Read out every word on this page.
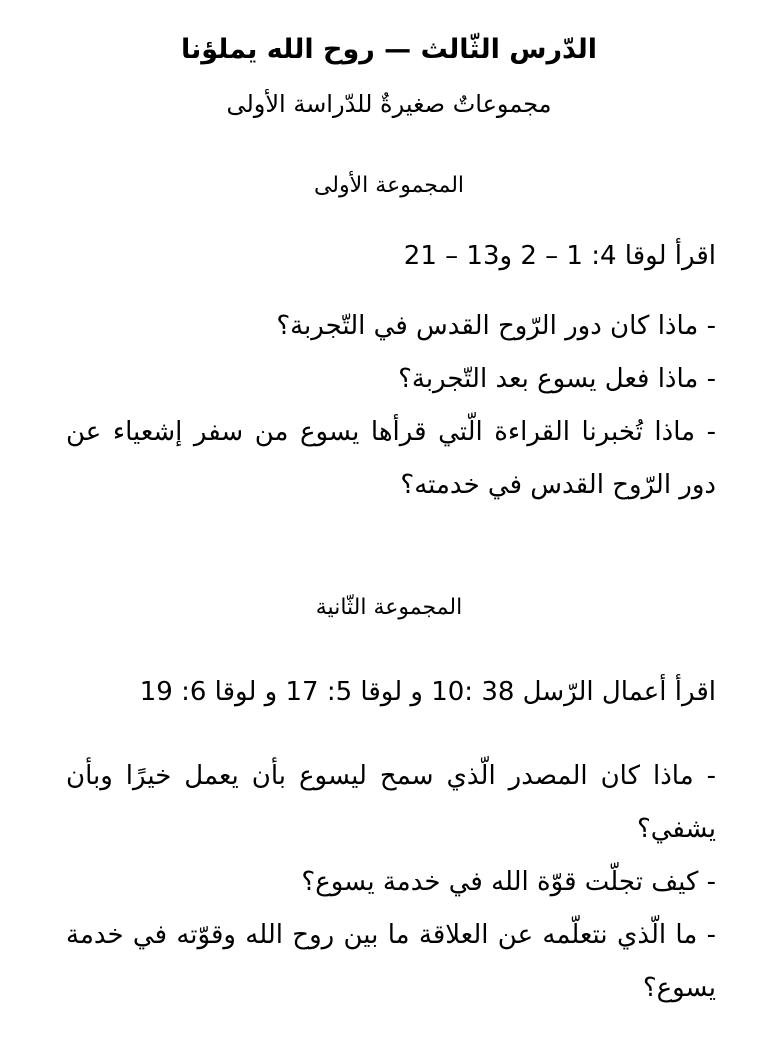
الدّرس الثّالث — روح الله يملؤنا
مجموعاتٌ صغيرةٌ للدّراسة الأولى
المجموعة الأولى
اقرأ لوقا 4: 1 – 2 و13 – 21
- ماذا كان دور الرّوح القدس في التّجربة؟
- ماذا فعل يسوع بعد التّجربة؟
- ماذا تُخبرنا القراءة الّتي قرأها يسوع من سفر إشعياء عن دور الرّوح القدس في خدمته؟
المجموعة الثّانية
اقرأ أعمال الرّسل 38 :10 و لوقا 5: 17 و لوقا 6: 19
- ماذا كان المصدر الّذي سمح ليسوع بأن يعمل خيرًا وبأن يشفي؟
- كيف تجلّت قوّة الله في خدمة يسوع؟
- ما الّذي نتعلّمه عن العلاقة ما بين روح الله وقوّته في خدمة يسوع؟
